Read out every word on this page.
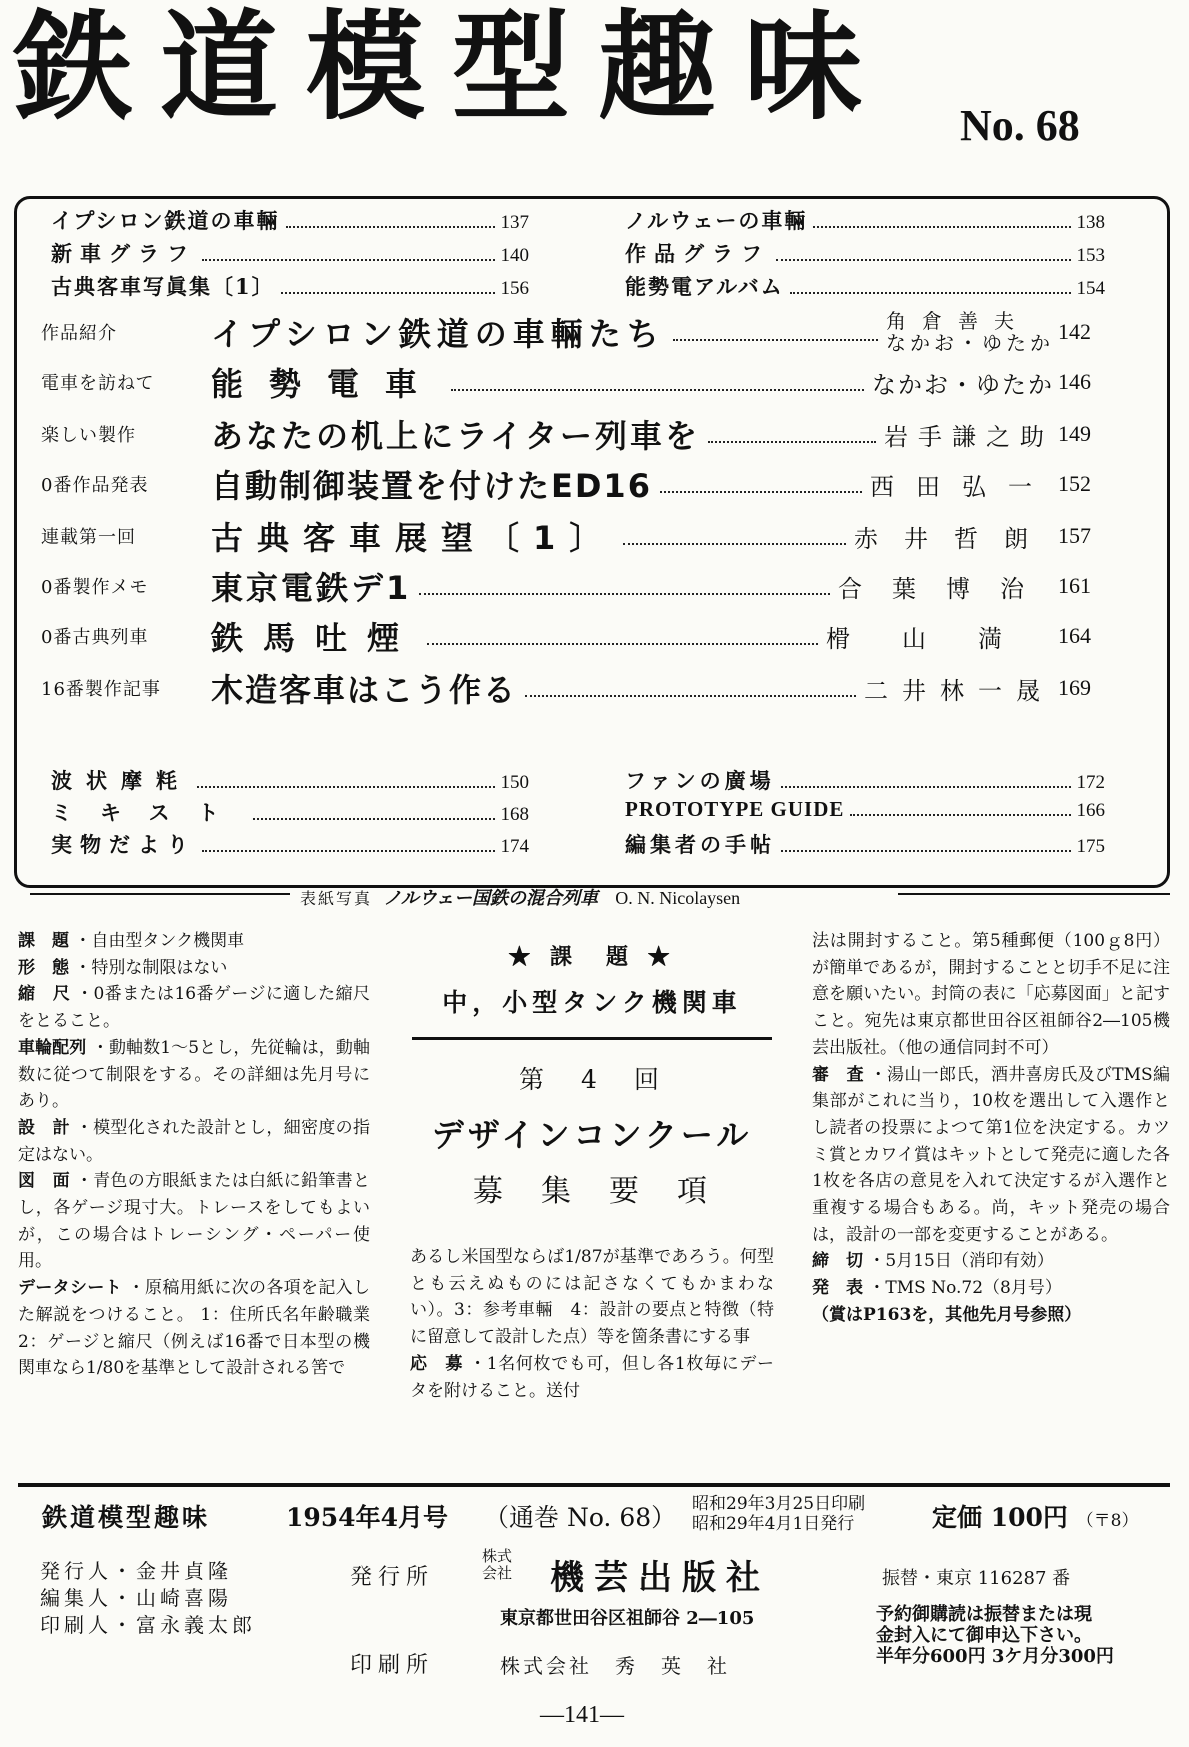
鉄道模型趣味 No. 68
イプシロン鉄道の車輛	137
新車グラフ	140
古典客車写眞集〔1〕	156
ノルウェーの車輛	138
作品グラフ	153
能勢電アルバム	154
作品紹介	イプシロン鉄道の車輛たち	角倉善夫
なかお・ゆたか 142
電車を訪ねて	能勢電車	なかお・ゆたか 146
楽しい製作	あなたの机上にライター列車を	岩手謙之助 149
0番作品発表	自動制御装置を付けたED16	西田弘一 152
連載第一回	古典客車展望〔1〕	赤井哲朗 157
0番製作メモ	東京電鉄デ1	合葉博治 161
0番古典列車	鉄馬吐煙	榾山満 164
16番製作記事	木造客車はこう作る	二井林一晟 169
波状摩粍	150
ミキスト	168
実物だより	174
ファンの廣場	172
PROTOTYPE GUIDE	166
編集者の手帖	175
表紙写真 ノルウェー国鉄の混合列車 O. N. Nicolaysen

課　題 ・自由型タンク機関車

形　態 ・特別な制限はない

縮　尺 ・0番または16番ゲージに適した縮尺をとること。

車輪配列 ・動軸数1～5とし，先従輪は，動軸数に従つて制限をする。その詳細は先月号にあり。

設　計 ・模型化された設計とし，細密度の指定はない。

図　面 ・青色の方眼紙または白紙に鉛筆書とし，各ゲージ現寸大。トレースをしてもよいが，この場合はトレーシング・ペーパー使用。

データシート ・原稿用紙に次の各項を記入した解説をつけること。 1：住所氏名年齢職業　2：ゲージと縮尺（例えば16番で日本型の機関車なら1/80を基準として設計される筈で

★ 課　題 ★
中，小型タンク機関車
第　4　回
デザインコンクール
募　集　要　項

あるし米国型ならば1/87が基準であろう。何型とも云えぬものには記さなくてもかまわない）。3：参考車輛　4：設計の要点と特徴（特に留意して設計した点）等を箇条書にする事

応　募 ・1名何枚でも可，但し各1枚毎にデータを附けること。送付

法は開封すること。第5種郵便（100ｇ8円）が簡単であるが，開封することと切手不足に注意を願いたい。封筒の表に「応募図面」と記すこと。宛先は東京都世田谷区祖師谷2―105機芸出版社。（他の通信同封不可）

審　査 ・湯山一郎氏，酒井喜房氏及びTMS編集部がこれに当り，10枚を選出して入選作とし読者の投票によつて第1位を決定する。カツミ賞とカワイ賞はキットとして発売に適した各1枚を各店の意見を入れて決定するが入選作と重複する場合もある。尚，キット発売の場合は，設計の一部を変更することがある。

締　切 ・5月15日（消印有効）

発　表 ・TMS No.72（8月号）

（賞はP163を，其他先月号参照）

鉄道模型趣味	1954年4月号 （通巻 No. 68） 昭和29年3月25日印刷
昭和29年4月1日発行	定価 100円 （〒8）
発行人・金井貞隆
編集人・山崎喜陽
印刷人・富永義太郎
発行所
株式会社 機芸出版社
東京都世田谷区祖師谷 2―105
振替・東京 116287 番
予約御購読は振替または現
金封入にて御申込下さい。
半年分600円 3ケ月分300円
印刷所	株式会社　秀　英　社
―141―
